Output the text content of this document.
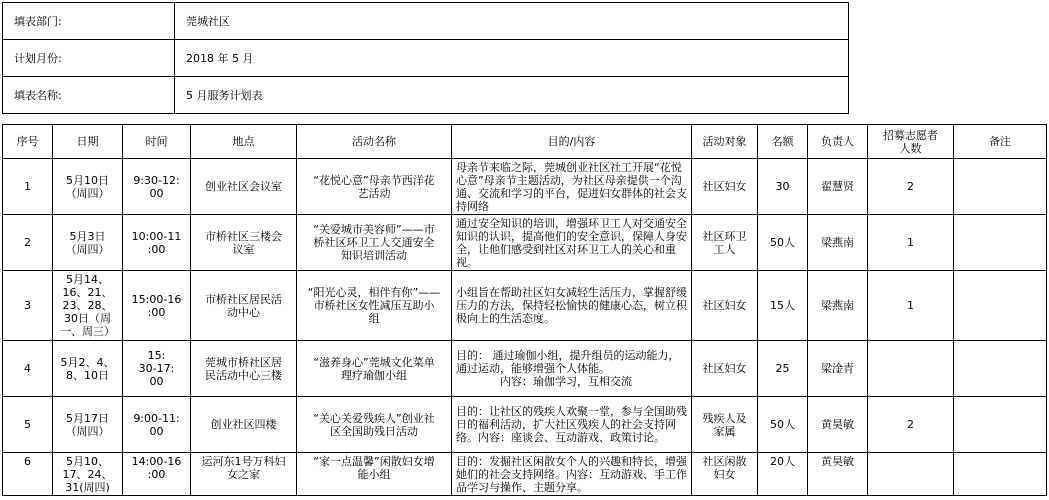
填表部门:	莞城社区
计划月份:	2018 年 5 月
填表名称:	5 月服务计划表
序号	日期	时间	地点	活动名称	目的/内容	活动对象	名额	负责人	招募志愿者人数	备注
1	5月10日
（周四）	9:30-12:
00	创业社区会议室	“花悦心意”母亲节西洋花
艺活动	母亲节来临之际，莞城创业社区社工开展“花悦心意”母亲节主题活动，为社区母亲提供一个沟通、交流和学习的平台，促进妇女群体的社会支持网络	社区妇女	30	翟慧贤	2	
2	5月3日
（周四）	10:00-11
:00	市桥社区三楼会
议室	“关爱城市美容师”——市
桥社区环卫工人交通安全
知识培训活动	通过安全知识的培训，增强环卫工人对交通安全知识的认识，提高他们的安全意识，保障人身安全，让他们感受到社区对环卫工人的关心和重视。	社区环卫
工人	50人	梁燕南	1	
3	5月14、
16、21、
23、28、
30日（周
一、周三）	15:00-16
:00	市桥社区居民活
动中心	“阳光心灵，相伴有你”——
市桥社区女性减压互助小
组	小组旨在帮助社区妇女减轻生活压力，掌握舒缓压力的方法，保持轻松愉快的健康心态，树立积极向上的生活态度。	社区妇女	15人	梁燕南	1	
4	5月2、4、
8、10日	15:
30-17:
00	莞城市桥社区居
民活动中心三楼	“滋养身心”莞城文化菜单
理疗瑜伽小组	目的： 通过瑜伽小组，提升组员的运动能力，通过运动，能够增强个人体能。
　　　　内容：瑜伽学习，互相交流	社区妇女	25	梁淦青		
5	5月17日
（周四）	9:00-11:
00	创业社区四楼	“关心关爱残疾人”创业社
区全国助残日活动	目的：让社区的残疾人欢聚一堂，参与全国助残日的福利活动，扩大社区残疾人的社会支持网络。内容：座谈会、互动游戏、政策讨论。	残疾人及
家属	50人	黄昊敏	2	
6	5月10、
17、24、
31(周四)	14:00-16
:00	运河东1号万科妇
女之家	“家一点温馨”闲散妇女增
能小组	目的：发掘社区闲散女个人的兴趣和特长，增强她们的社会支持网络。内容：互动游戏、手工作品学习与操作、主题分享。	社区闲散
妇女	20人	黄昊敏		
